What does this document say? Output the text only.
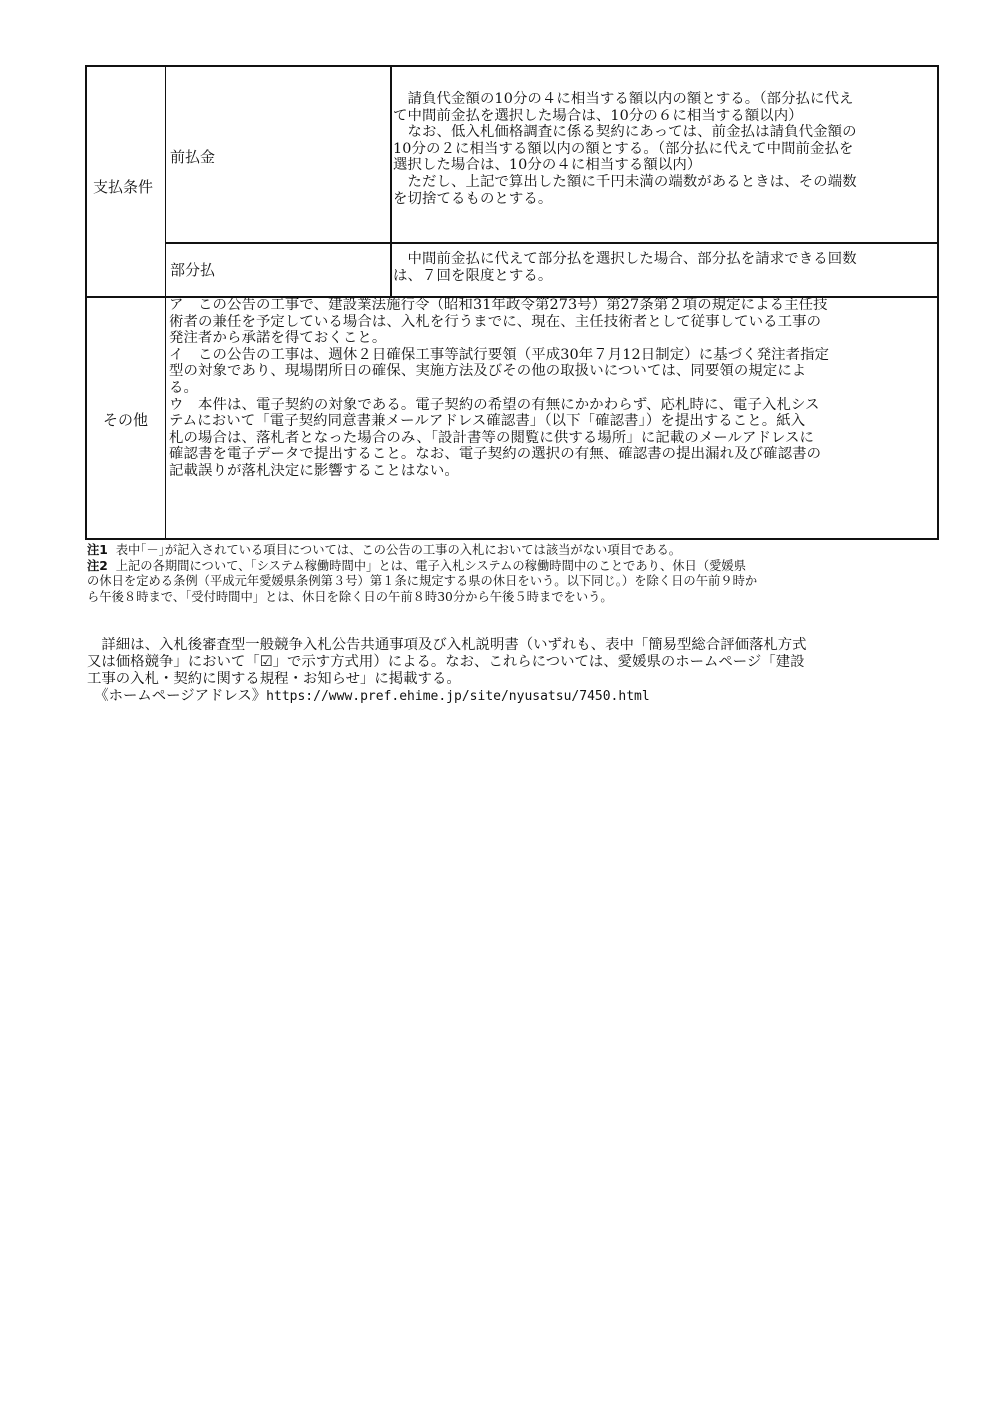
支払条件
前払金
部分払
その他

　請負代金額の10分の４に相当する額以内の額とする。（部分払に代え

て中間前金払を選択した場合は、10分の６に相当する額以内）

　なお、低入札価格調査に係る契約にあっては、前金払は請負代金額の

10分の２に相当する額以内の額とする。（部分払に代えて中間前金払を

選択した場合は、10分の４に相当する額以内）

　ただし、上記で算出した額に千円未満の端数があるときは、その端数

を切捨てるものとする。

　中間前金払に代えて部分払を選択した場合、部分払を請求できる回数

は、７回を限度とする。

ア　この公告の工事で、建設業法施行令（昭和31年政令第273号）第27条第２項の規定による主任技

術者の兼任を予定している場合は、入札を行うまでに、現在、主任技術者として従事している工事の

発注者から承諾を得ておくこと。

イ　この公告の工事は、週休２日確保工事等試行要領（平成30年７月12日制定）に基づく発注者指定

型の対象であり、現場閉所日の確保、実施方法及びその他の取扱いについては、同要領の規定によ

る。

ウ　本件は、電子契約の対象である。電子契約の希望の有無にかかわらず、応札時に、電子入札シス

テムにおいて「電子契約同意書兼メールアドレス確認書」（以下「確認書」）を提出すること。紙入

札の場合は、落札者となった場合のみ、「設計書等の閲覧に供する場所」に記載のメールアドレスに

確認書を電子データで提出すること。なお、電子契約の選択の有無、確認書の提出漏れ及び確認書の

記載誤りが落札決定に影響することはない。

注1 表中｢－｣が記入されている項目については、この公告の工事の入札においては該当がない項目である。

注2 上記の各期間について、「システム稼働時間中」とは、電子入札システムの稼働時間中のことであり、休日（愛媛県

の休日を定める条例（平成元年愛媛県条例第３号）第１条に規定する県の休日をいう。以下同じ。）を除く日の午前９時か

ら午後８時まで、「受付時間中」とは、休日を除く日の午前８時30分から午後５時までをいう。

　詳細は、入札後審査型一般競争入札公告共通事項及び入札説明書（いずれも、表中「簡易型総合評価落札方式

又は価格競争」において「☑」で示す方式用）による。なお、これらについては、愛媛県のホームページ「建設

工事の入札・契約に関する規程・お知らせ」に掲載する。

　《ホームページアドレス》https://www.pref.ehime.jp/site/nyusatsu/7450.html
